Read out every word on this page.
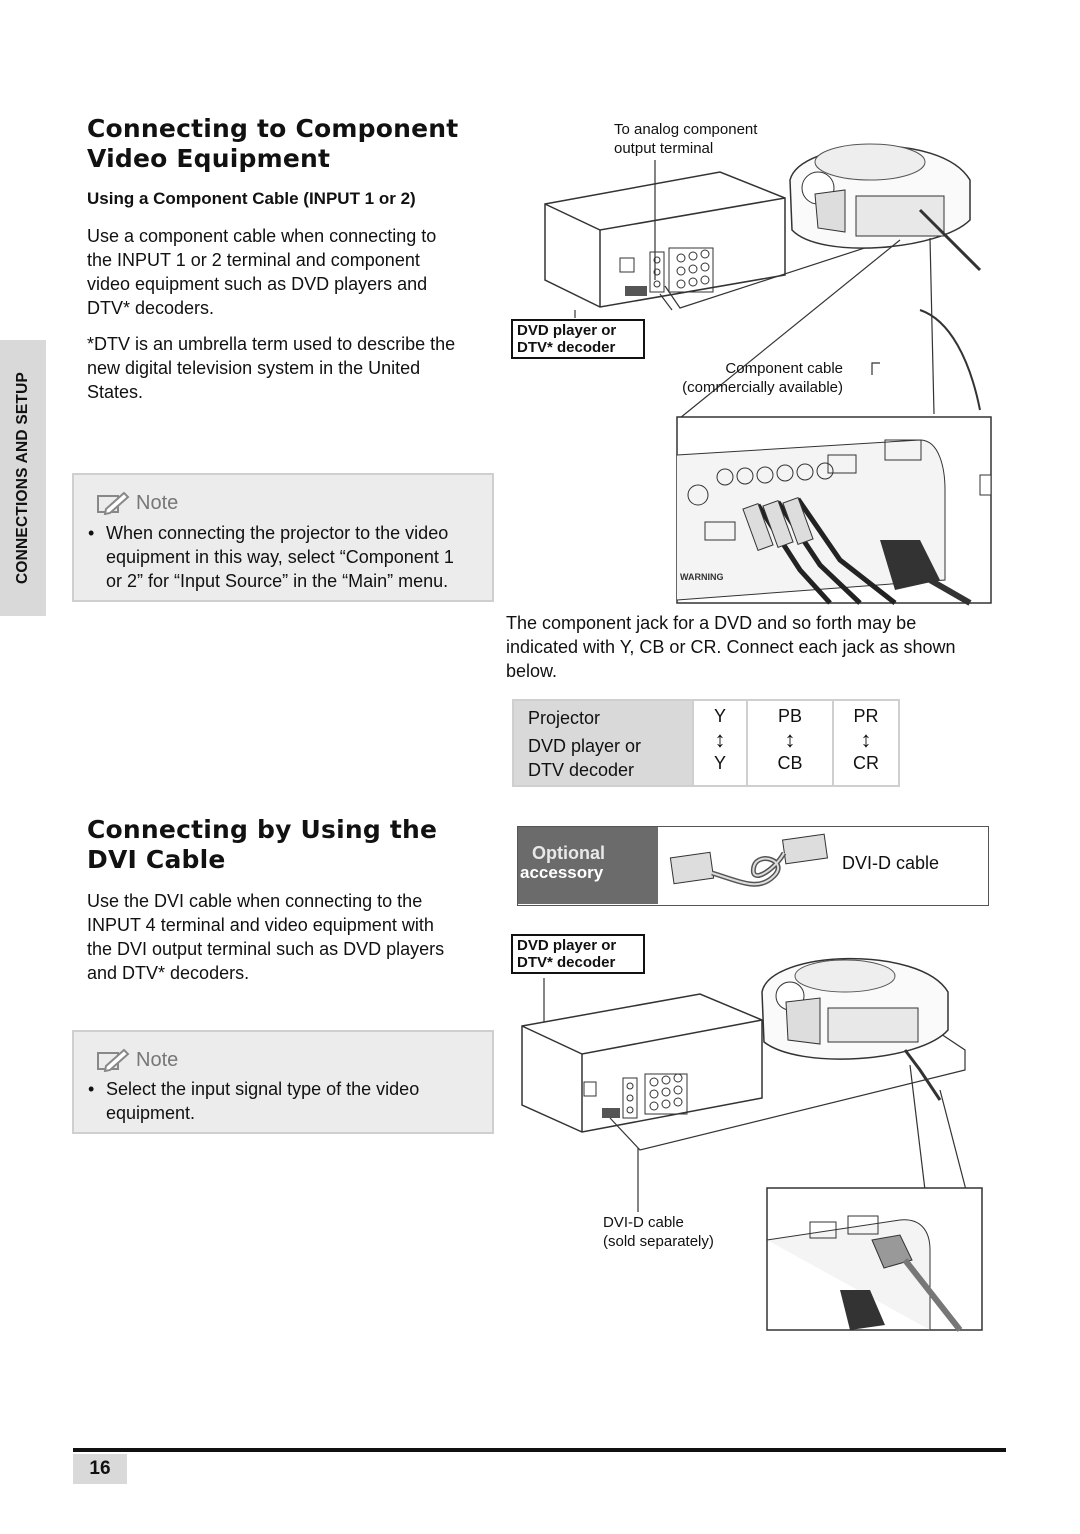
CONNECTIONS AND SETUP
Connecting to Component
Video Equipment
Using a Component Cable (INPUT 1 or 2)
Use a component cable when connecting to
the INPUT 1 or 2 terminal and component
video equipment such as DVD players and
DTV* decoders.
*DTV is an umbrella term used to describe the
new digital television system in the United
States.
Note
• When connecting the projector to the video
equipment in this way, select “Component 1
or 2” for “Input Source” in the “Main” menu.	WARNING
To analog component
output terminal
DVD player or
DTV* decoder
Component cable
(commercially available)
The component jack for a DVD and so forth may be
indicated with Y, CB or CR. Connect each jack as shown
below.
Projector
DVD player or
DTV decoder
Y
↕
Y
PB
↕
CB
PR
↕
CR
Connecting by Using the
DVI Cable
Use the DVI cable when connecting to the
INPUT 4 terminal and video equipment with
the DVI output terminal such as DVD players
and DTV* decoders.
Note
• Select the input signal type of the video
equipment.
Optional
accessory	DVI-D cable
DVD player or
DTV* decoder
DVI-D cable
(sold separately)
16
